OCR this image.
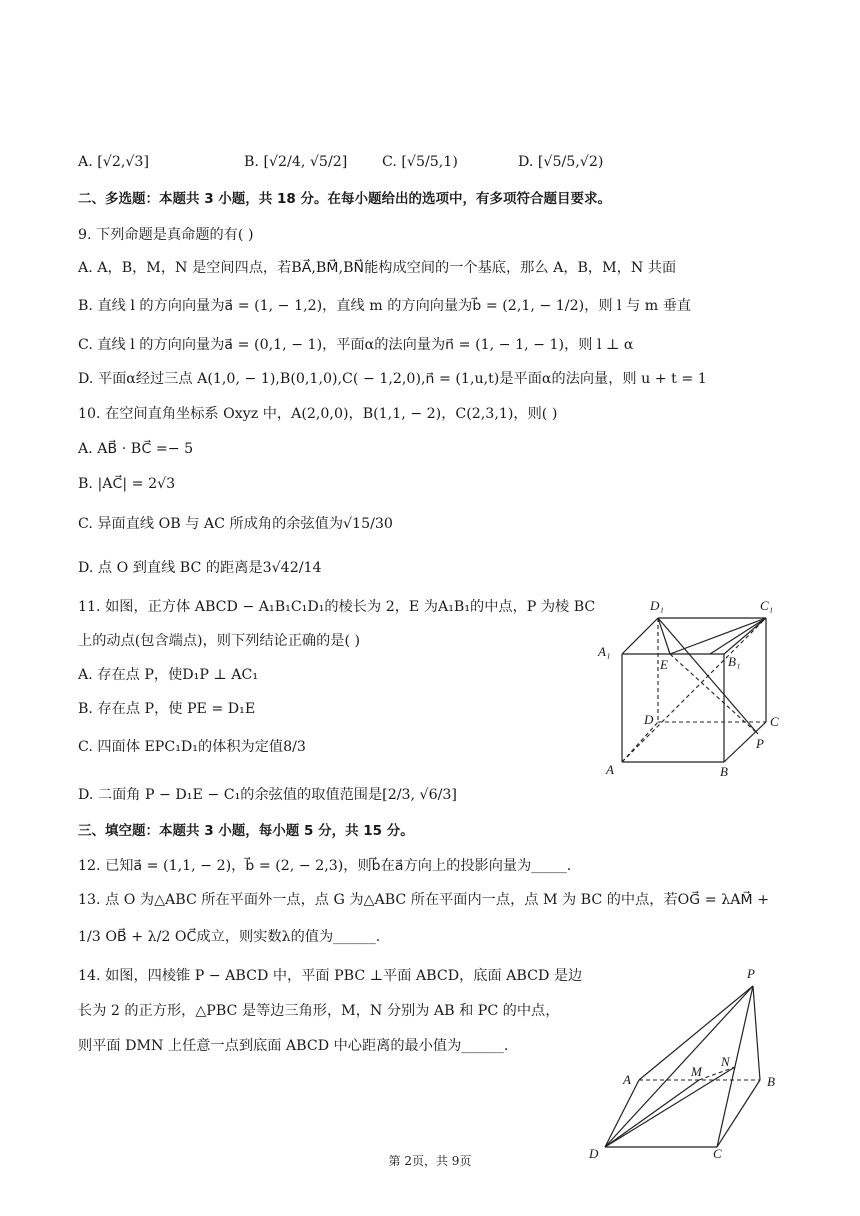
A. [√2,√3]	B. [√2/4, √5/2] C. [√5/5,1)	D. [√5/5,√2)
二、多选题：本题共 3 小题，共 18 分。在每小题给出的选项中，有多项符合题目要求。
9. 下列命题是真命题的有( )
A. A，B，M，N 是空间四点，若BA⃗,BM⃗,BN⃗能构成空间的一个基底，那么 A，B，M，N 共面
B. 直线 l 的方向向量为a⃗ = (1, − 1,2)，直线 m 的方向向量为b⃗ = (2,1, − 1/2)，则 l 与 m 垂直
C. 直线 l 的方向向量为a⃗ = (0,1, − 1)，平面α的法向量为n⃗ = (1, − 1, − 1)，则 l ⊥ α
D. 平面α经过三点 A(1,0, − 1),B(0,1,0),C( − 1,2,0),n⃗ = (1,u,t)是平面α的法向量，则 u + t = 1
10. 在空间直角坐标系 Oxyz 中，A(2,0,0)，B(1,1, − 2)，C(2,3,1)，则( )
A. AB⃗ · BC⃗ =− 5
B. |AC⃗| = 2√3
C. 异面直线 OB 与 AC 所成角的余弦值为√15/30
D. 点 O 到直线 BC 的距离是3√42/14
11. 如图，正方体 ABCD − A₁B₁C₁D₁的棱长为 2，E 为A₁B₁的中点，P 为棱 BC
上的动点(包含端点)，则下列结论正确的是( )
A. 存在点 P，使D₁P ⊥ AC₁
B. 存在点 P，使 PE = D₁E
C. 四面体 EPC₁D₁的体积为定值8/3
D. 二面角 P − D₁E − C₁的余弦值的取值范围是[2/3, √6/3]
D₁	C₁
A₁
B₁
E
D	C
P
A	B
三、填空题：本题共 3 小题，每小题 5 分，共 15 分。
12. 已知a⃗ = (1,1, − 2)，b⃗ = (2, − 2,3)，则b⃗在a⃗方向上的投影向量为_____.
13. 点 O 为△ABC 所在平面外一点，点 G 为△ABC 所在平面内一点，点 M 为 BC 的中点，若OG⃗ = λAM⃗ +
1/3 OB⃗ + λ/2 OC⃗成立，则实数λ的值为______.
14. 如图，四棱锥 P − ABCD 中，平面 PBC ⊥平面 ABCD，底面 ABCD 是边
长为 2 的正方形，△PBC 是等边三角形，M，N 分别为 AB 和 PC 的中点，
则平面 DMN 上任意一点到底面 ABCD 中心距离的最小值为______.
P
A
M
N
B
D	C
第 2页，共 9页
